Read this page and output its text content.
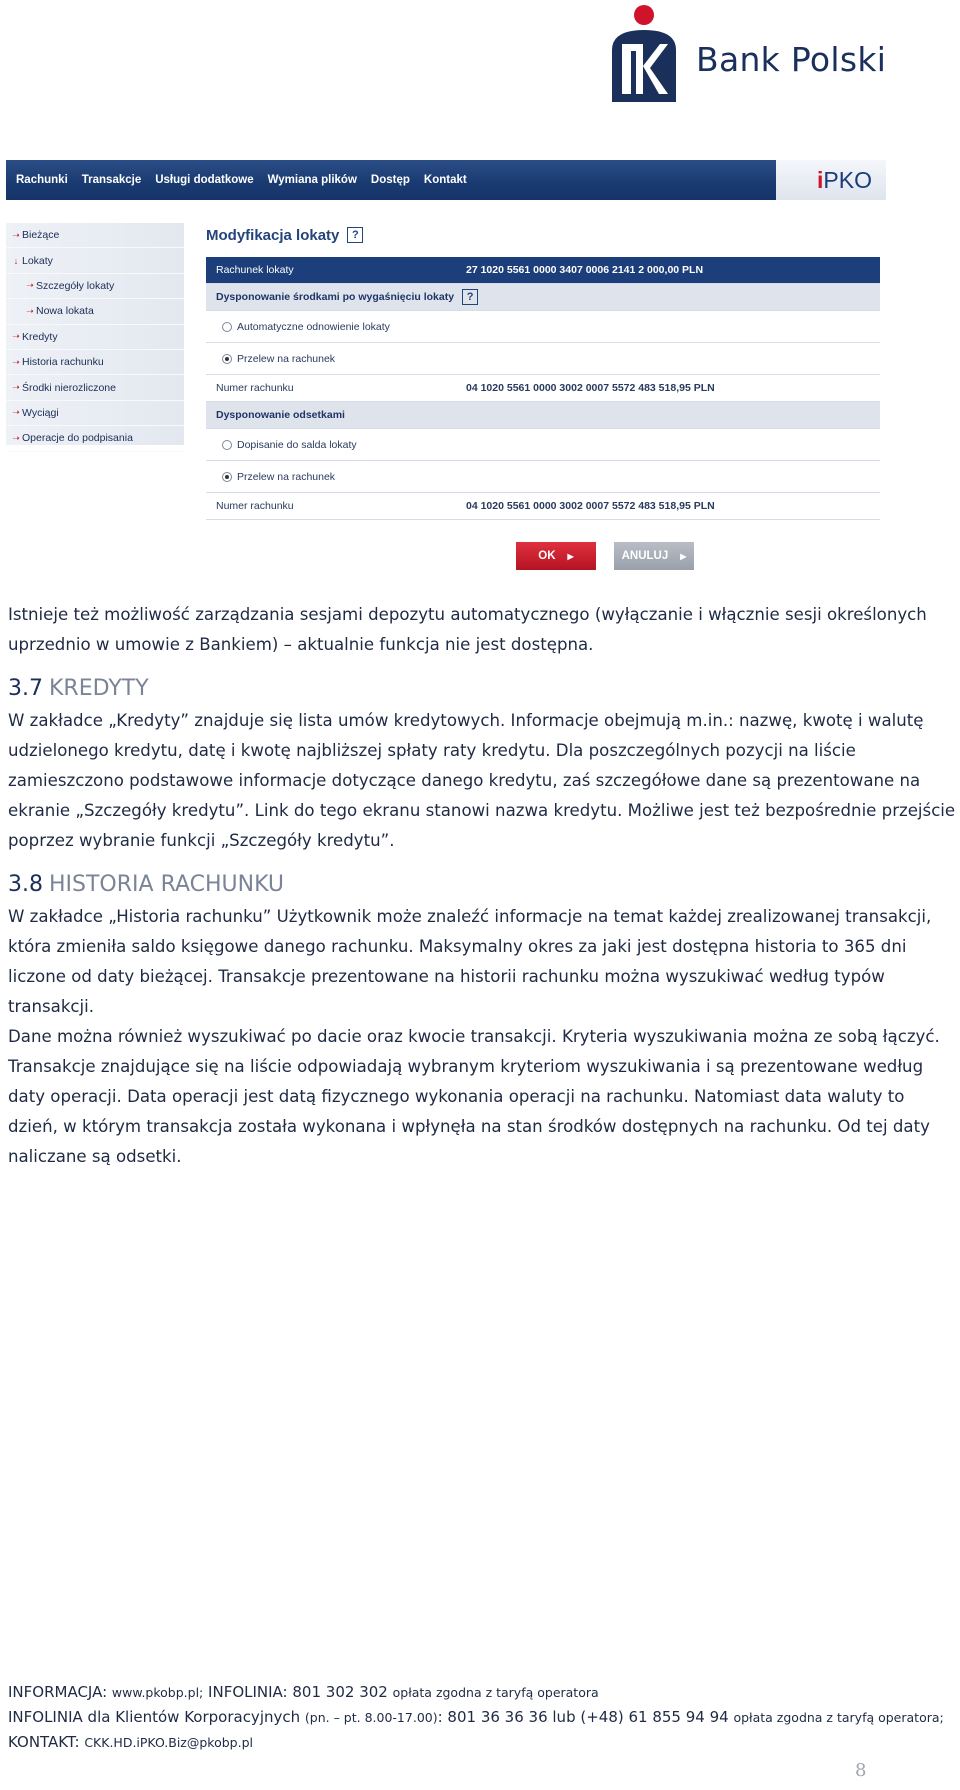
Bank Polski
Rachunki Transakcje Usługi dodatkowe Wymiana plików Dostęp Kontakt	iPKO
➝ Bieżące
↓ Lokaty
➝ Szczegóły lokaty
➝ Nowa lokata
➝ Kredyty
➝ Historia rachunku
➝ Środki nierozliczone
➝ Wyciągi
➝ Operacje do podpisania
Modyfikacja lokaty	?
Rachunek lokaty	27 1020 5561 0000 3407 0006 2141 2 000,00 PLN
Dysponowanie środkami po wygaśnięciu lokaty	?
Automatyczne odnowienie lokaty
Przelew na rachunek
Numer rachunku	04 1020 5561 0000 3002 0007 5572 483 518,95 PLN
Dysponowanie odsetkami
Dopisanie do salda lokaty
Przelew na rachunek
Numer rachunku	04 1020 5561 0000 3002 0007 5572 483 518,95 PLN
OK ▶	ANULUJ ▶

Istnieje też możliwość zarządzania sesjami depozytu automatycznego (wyłączanie i włącznie sesji określonych uprzednio w umowie z Bankiem) – aktualnie funkcja nie jest dostępna.

3.7 KREDYTY

W zakładce „Kredyty” znajduje się lista umów kredytowych. Informacje obejmują m.in.: nazwę, kwotę i walutę udzielonego kredytu, datę i kwotę najbliższej spłaty raty kredytu. Dla poszczególnych pozycji na liście zamieszczono podstawowe informacje dotyczące danego kredytu, zaś szczegółowe dane są prezentowane na ekranie „Szczegóły kredytu”. Link do tego ekranu stanowi nazwa kredytu. Możliwe jest też bezpośrednie przejście poprzez wybranie funkcji „Szczegóły kredytu”.

3.8 HISTORIA RACHUNKU

W zakładce „Historia rachunku” Użytkownik może znaleźć informacje na temat każdej zrealizowanej transakcji, która zmieniła saldo księgowe danego rachunku. Maksymalny okres za jaki jest dostępna historia to 365 dni liczone od daty bieżącej. Transakcje prezentowane na historii rachunku można wyszukiwać według typów transakcji.

Dane można również wyszukiwać po dacie oraz kwocie transakcji. Kryteria wyszukiwania można ze sobą łączyć. Transakcje znajdujące się na liście odpowiadają wybranym kryteriom wyszukiwania i są prezentowane według daty operacji. Data operacji jest datą fizycznego wykonania operacji na rachunku. Natomiast data waluty to dzień, w którym transakcja została wykonana i wpłynęła na stan środków dostępnych na rachunku. Od tej daty naliczane są odsetki.

INFORMACJA: www.pkobp.pl; INFOLINIA: 801 302 302 opłata zgodna z taryfą operatora
INFOLINIA dla Klientów Korporacyjnych (pn. – pt. 8.00-17.00): 801 36 36 36 lub (+48) 61 855 94 94 opłata zgodna z taryfą operatora; KONTAKT: CKK.HD.iPKO.Biz@pkobp.pl
8
